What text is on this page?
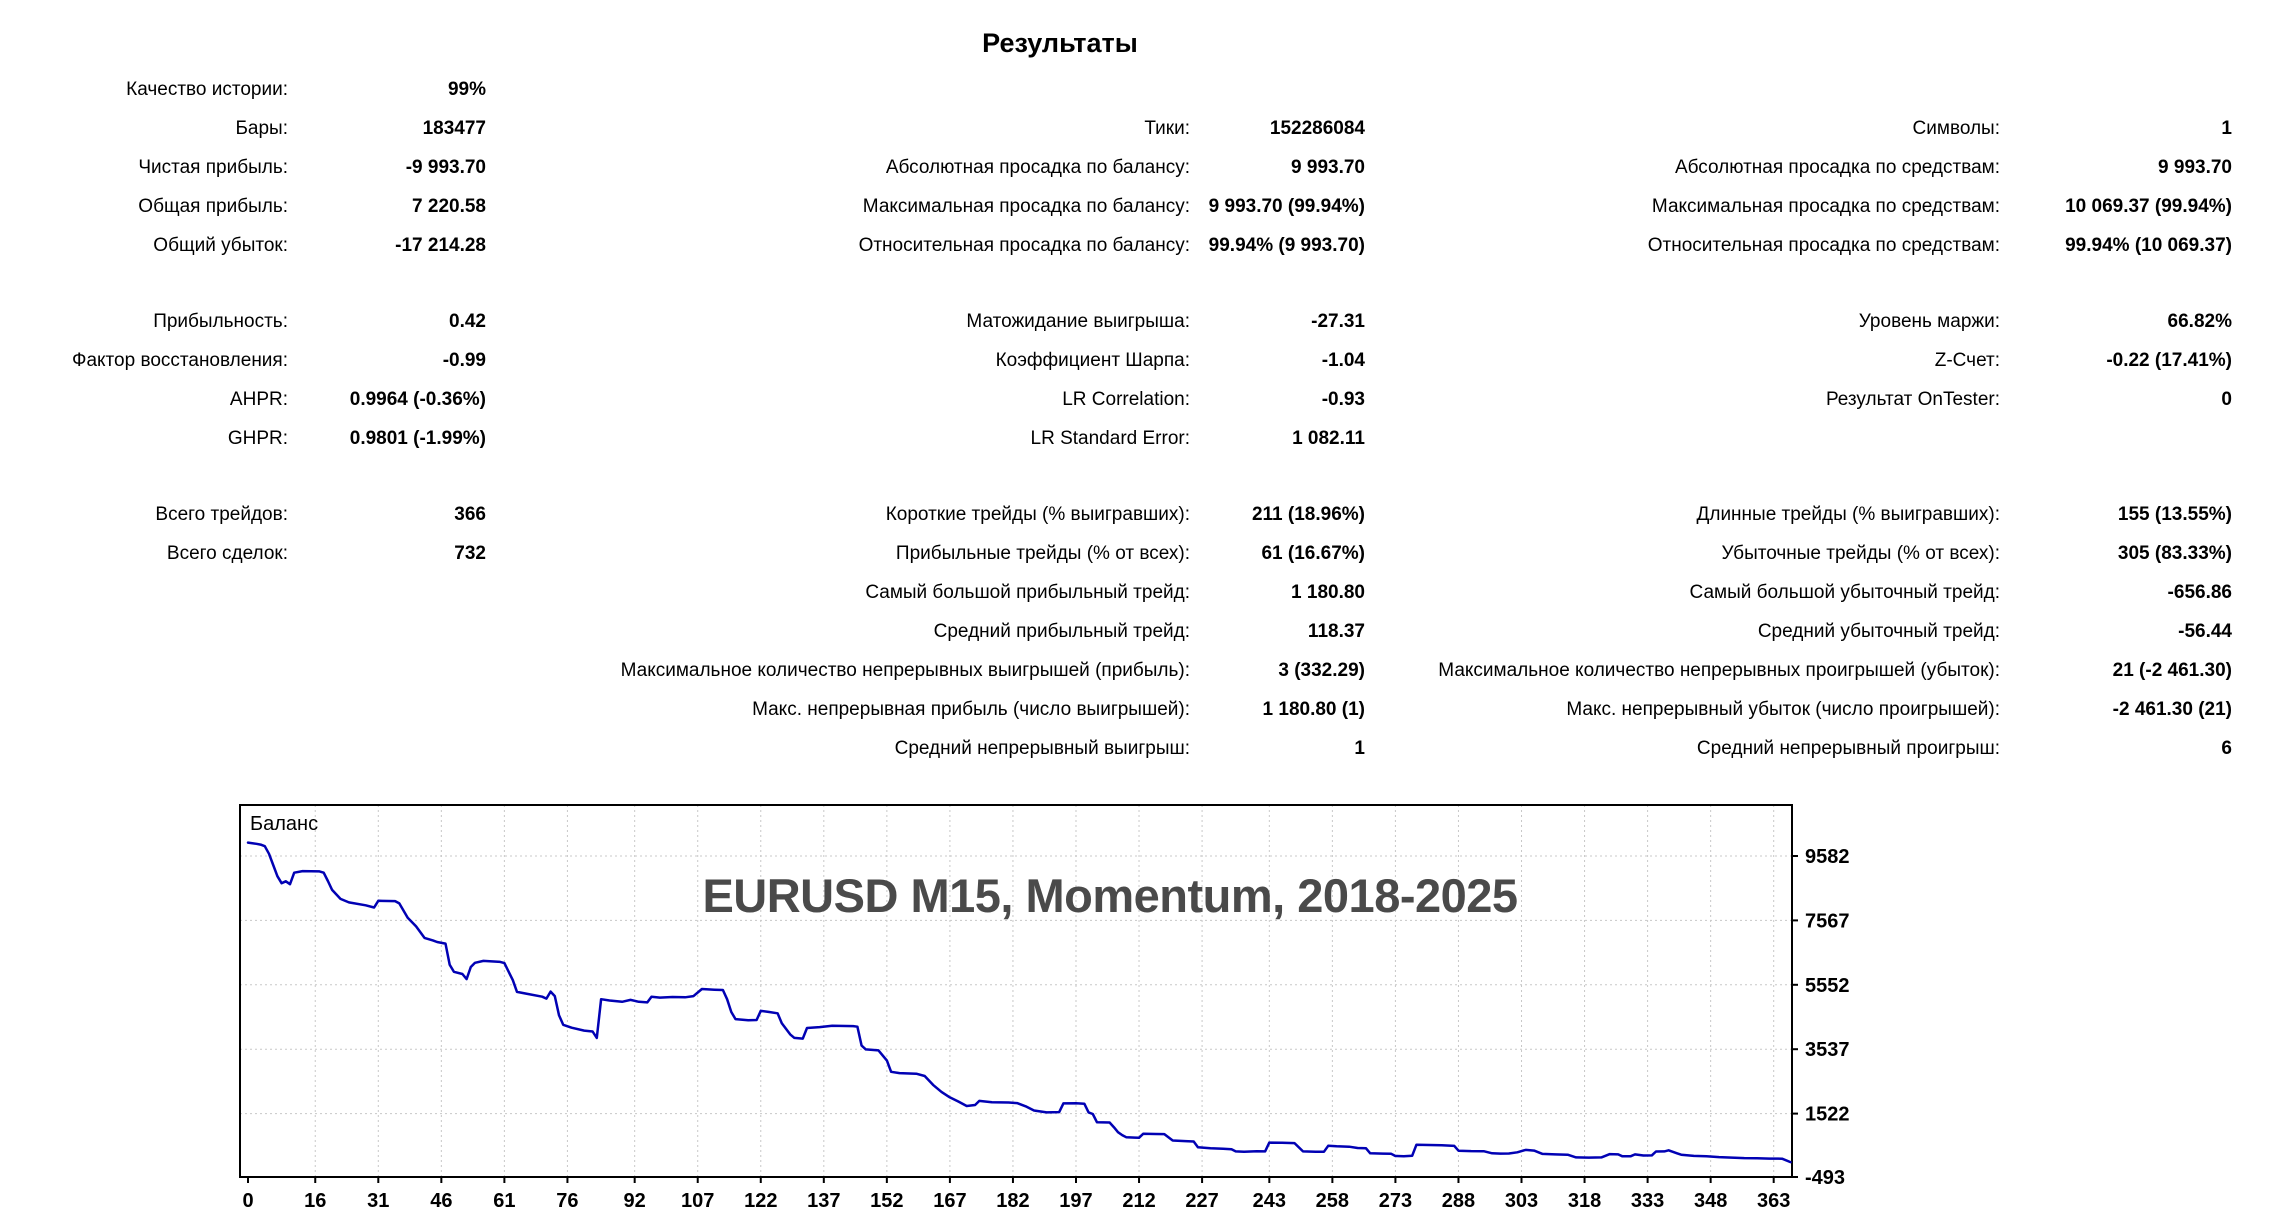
Результаты
Качество истории:	99%
Бары:	183477	Тики:	152286084	Символы:	1
Чистая прибыль:	-9 993.70	Абсолютная просадка по балансу:	9 993.70	Абсолютная просадка по средствам:	9 993.70
Общая прибыль:	7 220.58	Максимальная просадка по балансу: 9 993.70 (99.94%)	Максимальная просадка по средствам:	10 069.37 (99.94%)
Общий убыток:	-17 214.28	Относительная просадка по балансу: 99.94% (9 993.70)	Относительная просадка по средствам:	99.94% (10 069.37)
Прибыльность:	0.42	Матожидание выигрыша:	-27.31	Уровень маржи:	66.82%
Фактор восстановления:	-0.99	Коэффициент Шарпа:	-1.04	Z-Счет:	-0.22 (17.41%)
AHPR:	0.9964 (-0.36%)	LR Correlation:	-0.93	Результат OnTester:	0
GHPR:	0.9801 (-1.99%)	LR Standard Error:	1 082.11
Всего трейдов:	366	Короткие трейды (% выигравших):	211 (18.96%)	Длинные трейды (% выигравших):	155 (13.55%)
Всего сделок:	732	Прибыльные трейды (% от всех):	61 (16.67%)	Убыточные трейды (% от всех):	305 (83.33%)
Самый большой прибыльный трейд:	1 180.80	Самый большой убыточный трейд:	-656.86
Средний прибыльный трейд:	118.37	Средний убыточный трейд:	-56.44
Максимальное количество непрерывных выигрышей (прибыль):	3 (332.29)	Максимальное количество непрерывных проигрышей (убыток):	21 (-2 461.30)
Макс. непрерывная прибыль (число выигрышей):	1 180.80 (1)	Макс. непрерывный убыток (число проигрышей):	-2 461.30 (21)
Средний непрерывный выигрыш:	1	Средний непрерывный проигрыш:	6
EURUSD M15, Momentum, 2018-2025
0	16 31 46 61 76 92 107 122 137 152 167 182 197 212 227 243 258 273 288 303 318 333 348 363
9582
7567
5552
3537
1522
-493
Баланс
